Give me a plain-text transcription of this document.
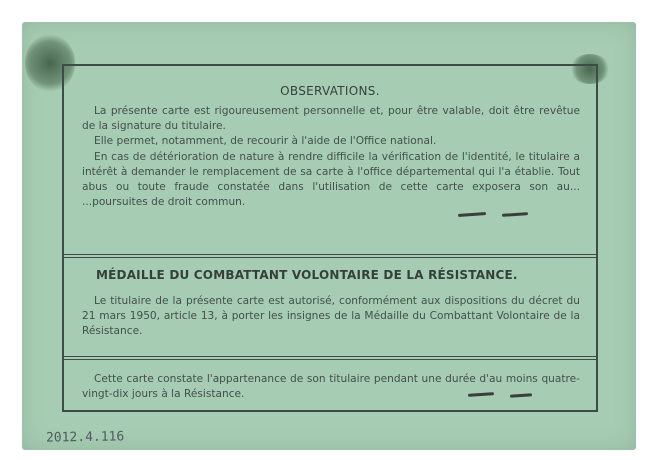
OBSERVATIONS.

La présente carte est rigoureusement personnelle et, pour être valable, doit être revêtue de la signature du titulaire.

Elle permet, notamment, de recourir à l'aide de l'Office national.

En cas de détérioration de nature à rendre difficile la vérification de l'identité, le titulaire a intérêt à demander le remplacement de sa carte à l'office départemental qui l'a établie. Tout abus ou toute fraude constatée dans l'utilisation de cette carte exposera son au... ...poursuites de droit commun.

MÉDAILLE DU COMBATTANT VOLONTAIRE DE LA RÉSISTANCE.

Le titulaire de la présente carte est autorisé, conformément aux dispositions du décret du 21 mars 1950, article 13, à porter les insignes de la Médaille du Combattant Volontaire de la Résistance.

Cette carte constate l'appartenance de son titulaire pendant une durée d'au moins quatre-vingt-dix jours à la Résistance.

2012.4.116
